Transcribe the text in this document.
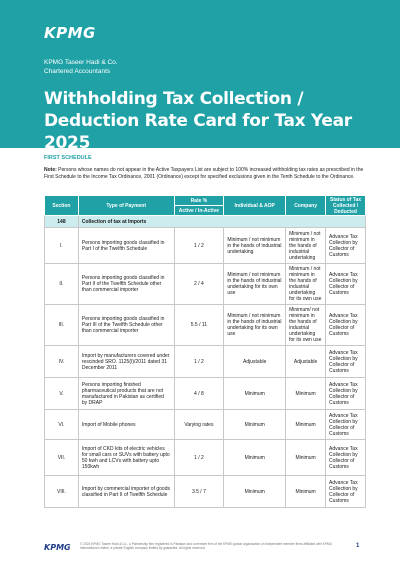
KPMG
KPMG Taseer Hadi & Co.
Chartered Accountants
Withholding Tax Collection / Deduction Rate Card for Tax Year 2025
FIRST SCHEDULE
Note: Persons whose names do not appear in the Active Taxpayers List are subject to 100% increased withholding tax rates as prescribed in the First Schedule to the Income Tax Ordinance, 2001 (Ordinance) except for specified exclusions given in the Tenth Schedule to the Ordinance.
Section	Type of Payment	Rate %	Individual & AOP	Company	Status of Tax Collected / Deducted
		Active / In-Active			
148	Collection of tax at Imports				
I.	Persons importing goods classified in Part I of the Twelfth Schedule	1 / 2	Minimum / not minimum in the hands of industrial undertaking	Minimum / not minimum in the hands of industrial undertaking	Advance Tax Collection by Collector of Customs
II.	Persons importing goods classified in Part II of the Twelfth Schedule other than commercial importer	2 / 4	Minimum / not minimum in the hands of industrial undertaking for its own use	Minimum / not minimum in the hands of industrial undertaking for its own use	Advance Tax Collection by Collector of Customs
III.	Persons importing goods classified in Part III of the Twelfth Schedule other than commercial importer	5.5 / 11	Minimum / not minimum in the hands of industrial undertaking for its own use	Minimum/ not minimum in the hands of industrial undertaking for its own use	Advance Tax Collection by Collector of Customs
IV.	Import by manufacturers covered under rescinded SRO. 1125(I)/2011 dated 31 December 2011	1 / 2	Adjustable	Adjustable	Advance Tax Collection by Collector of Customs
V.	Persons importing finished pharmaceutical products that are not manufactured in Pakistan as certified by DRAP	4 / 8	Minimum	Minimum	Advance Tax Collection by Collector of Customs
VI.	Import of Mobile phones	Varying rates	Minimum	Minimum	Advance Tax Collection by Collector of Customs
VII.	Import of CKD kits of electric vehicles for small cars or SUVs with battery upto 50 kwh and LCVs with battery upto 150kwh	1 / 2	Minimum	Minimum	Advance Tax Collection by Collector of Customs
VIII.	Import by commercial importer of goods classified in Part II of Twelfth Schedule	3.5 / 7	Minimum	Minimum	Advance Tax Collection by Collector of Customs
KPMG	© 2024 KPMG Taseer Hadi & Co., a Partnership firm registered in Pakistan and a member firm of the KPMG global organization of independent member firms affiliated with KPMG International Limited, a private English company limited by guarantee. All rights reserved.	1
